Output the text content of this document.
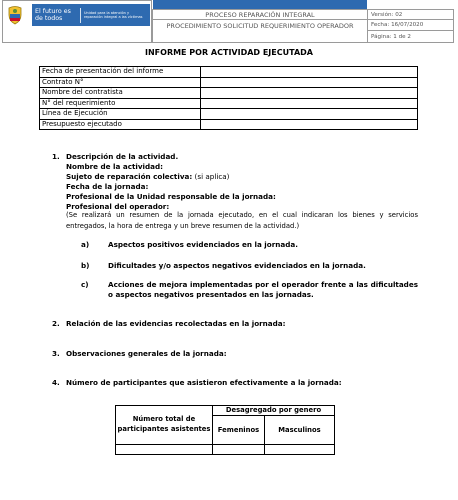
El futuro es de todos
Unidad para la atención y reparación integral a las víctimas	PROCESO REPARACIÓN INTEGRAL
PROCEDIMIENTO SOLICITUD REQUERIMIENTO OPERADOR
Versión: 02
Fecha: 16/07/2020
Página: 1 de 2
INFORME POR ACTIVIDAD EJECUTADA
Fecha de presentación del informe	
Contrato N°	
Nombre del contratista	
N° del requerimiento	
Línea de Ejecución	
Presupuesto ejecutado	
1. Descripción de la actividad.
Nombre de la actividad:
Sujeto de reparación colectiva: (si aplica)
Fecha de la jornada:
Profesional de la Unidad responsable de la jornada:
Profesional del operador:
(Se realizará un resumen de la jornada ejecutado, en el cual indicaran los bienes y servicios entregados, la hora de entrega y un breve resumen de la actividad.)
a)	Aspectos positivos evidenciados en la jornada.
b)	Dificultades y/o aspectos negativos evidenciados en la jornada.
c)	Acciones de mejora implementadas por el operador frente a las dificultades o aspectos negativos presentados en las jornadas.
2. Relación de las evidencias recolectadas en la jornada:
3. Observaciones generales de la jornada:
4. Número de participantes que asistieron efectivamente a la jornada:
Número total de participantes asistentes
Desagregado por genero
Femeninos	Masculinos
